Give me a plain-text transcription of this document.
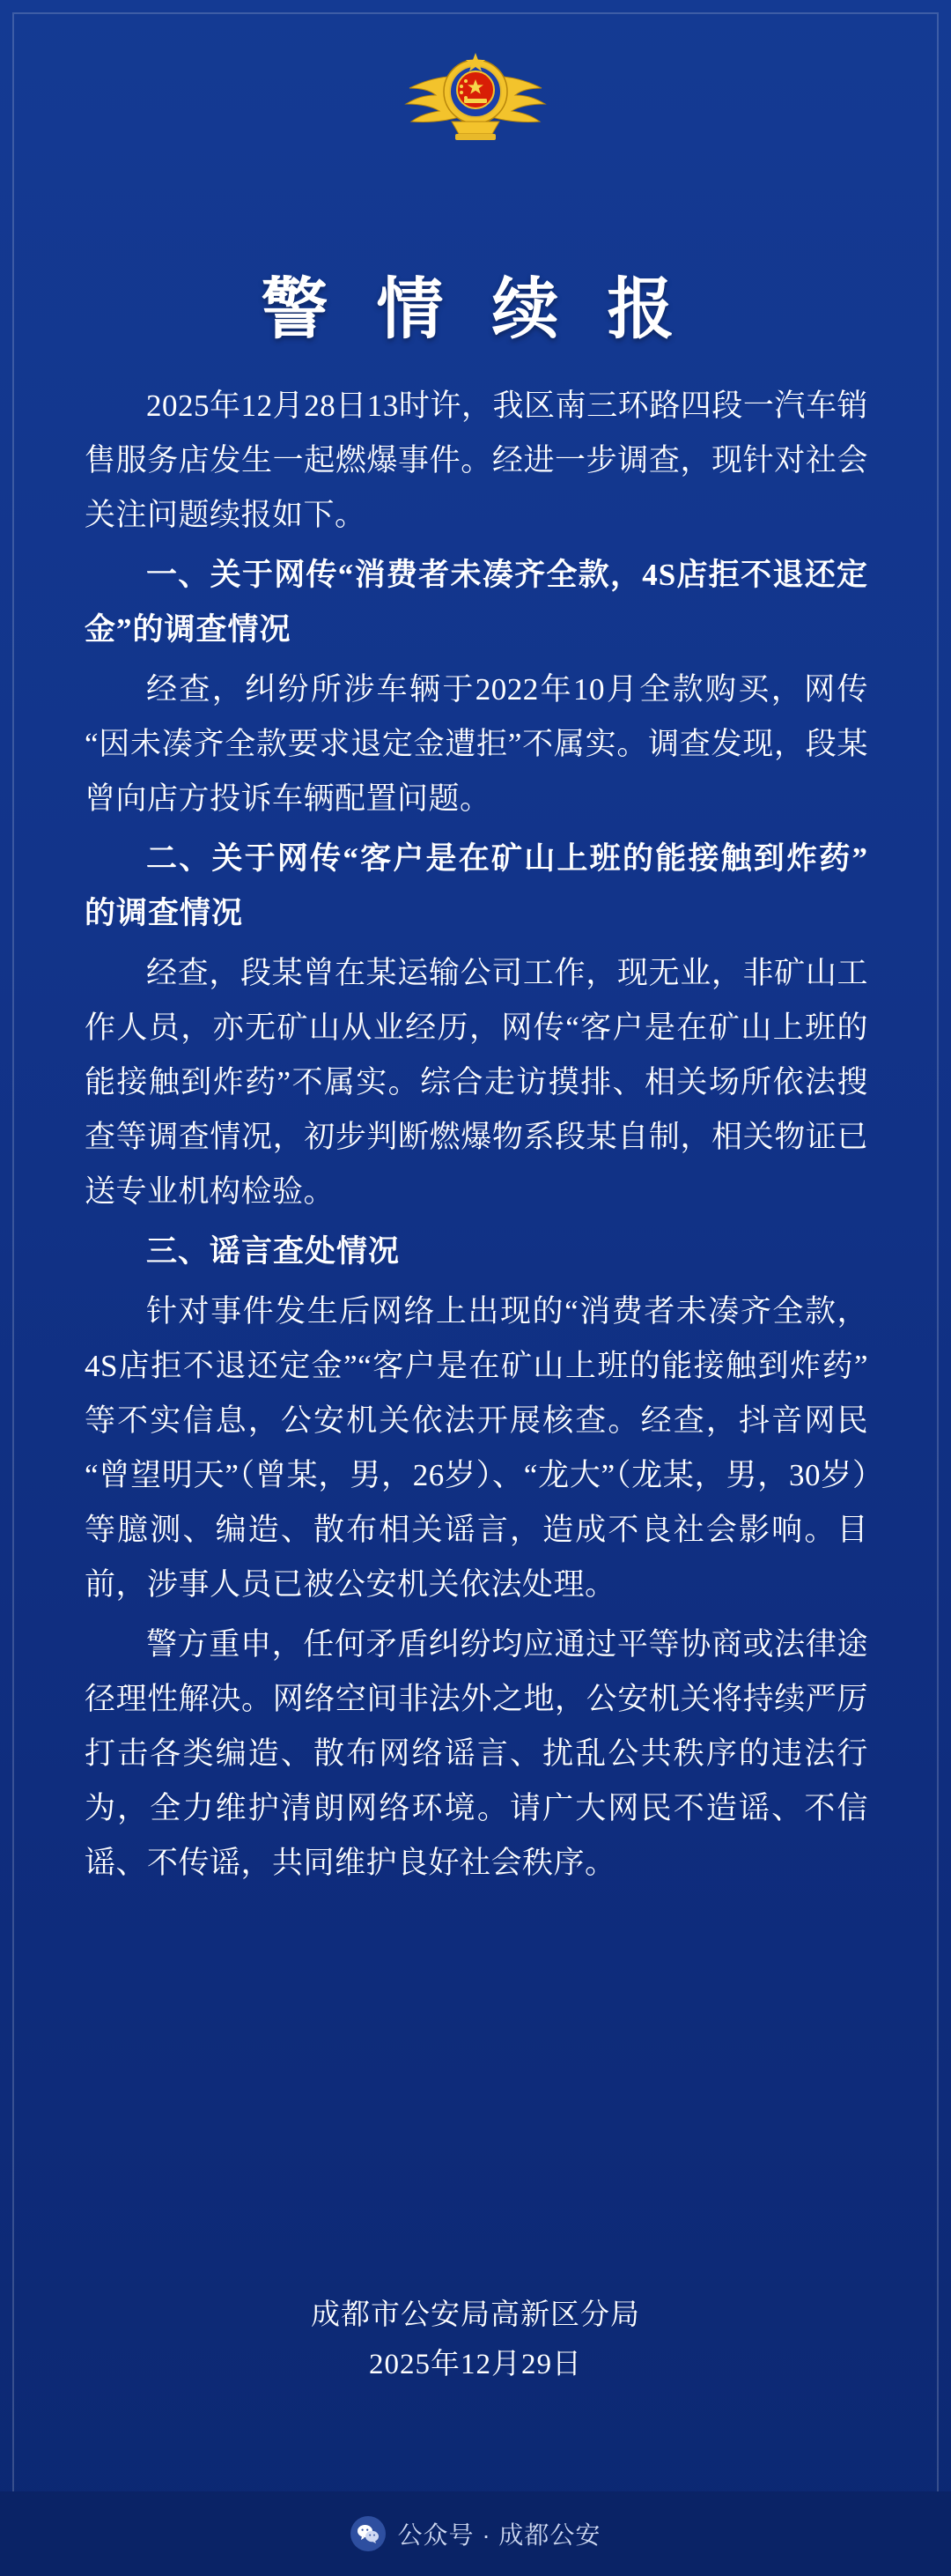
警 情 续 报

2025年12月28日13时许，我区南三环路四段一汽车销售服务店发生一起燃爆事件。经进一步调查，现针对社会关注问题续报如下。

一、关于网传“消费者未凑齐全款，4S店拒不退还定金”的调查情况

经查，纠纷所涉车辆于2022年10月全款购买，网传“因未凑齐全款要求退定金遭拒”不属实。调查发现，段某曾向店方投诉车辆配置问题。

二、关于网传“客户是在矿山上班的能接触到炸药”的调查情况

经查，段某曾在某运输公司工作，现无业，非矿山工作人员，亦无矿山从业经历，网传“客户是在矿山上班的能接触到炸药”不属实。综合走访摸排、相关场所依法搜查等调查情况，初步判断燃爆物系段某自制，相关物证已送专业机构检验。

三、谣言查处情况

针对事件发生后网络上出现的“消费者未凑齐全款，4S店拒不退还定金”“客户是在矿山上班的能接触到炸药”等不实信息，公安机关依法开展核查。经查，抖音网民“曾望明天”（曾某，男，26岁）、“龙大”（龙某，男，30岁）等臆测、编造、散布相关谣言，造成不良社会影响。目前，涉事人员已被公安机关依法处理。

警方重申，任何矛盾纠纷均应通过平等协商或法律途径理性解决。网络空间非法外之地，公安机关将持续严厉打击各类编造、散布网络谣言、扰乱公共秩序的违法行为，全力维护清朗网络环境。请广大网民不造谣、不信谣、不传谣，共同维护良好社会秩序。

成都市公安局高新区分局
2025年12月29日
公众号 · 成都公安
